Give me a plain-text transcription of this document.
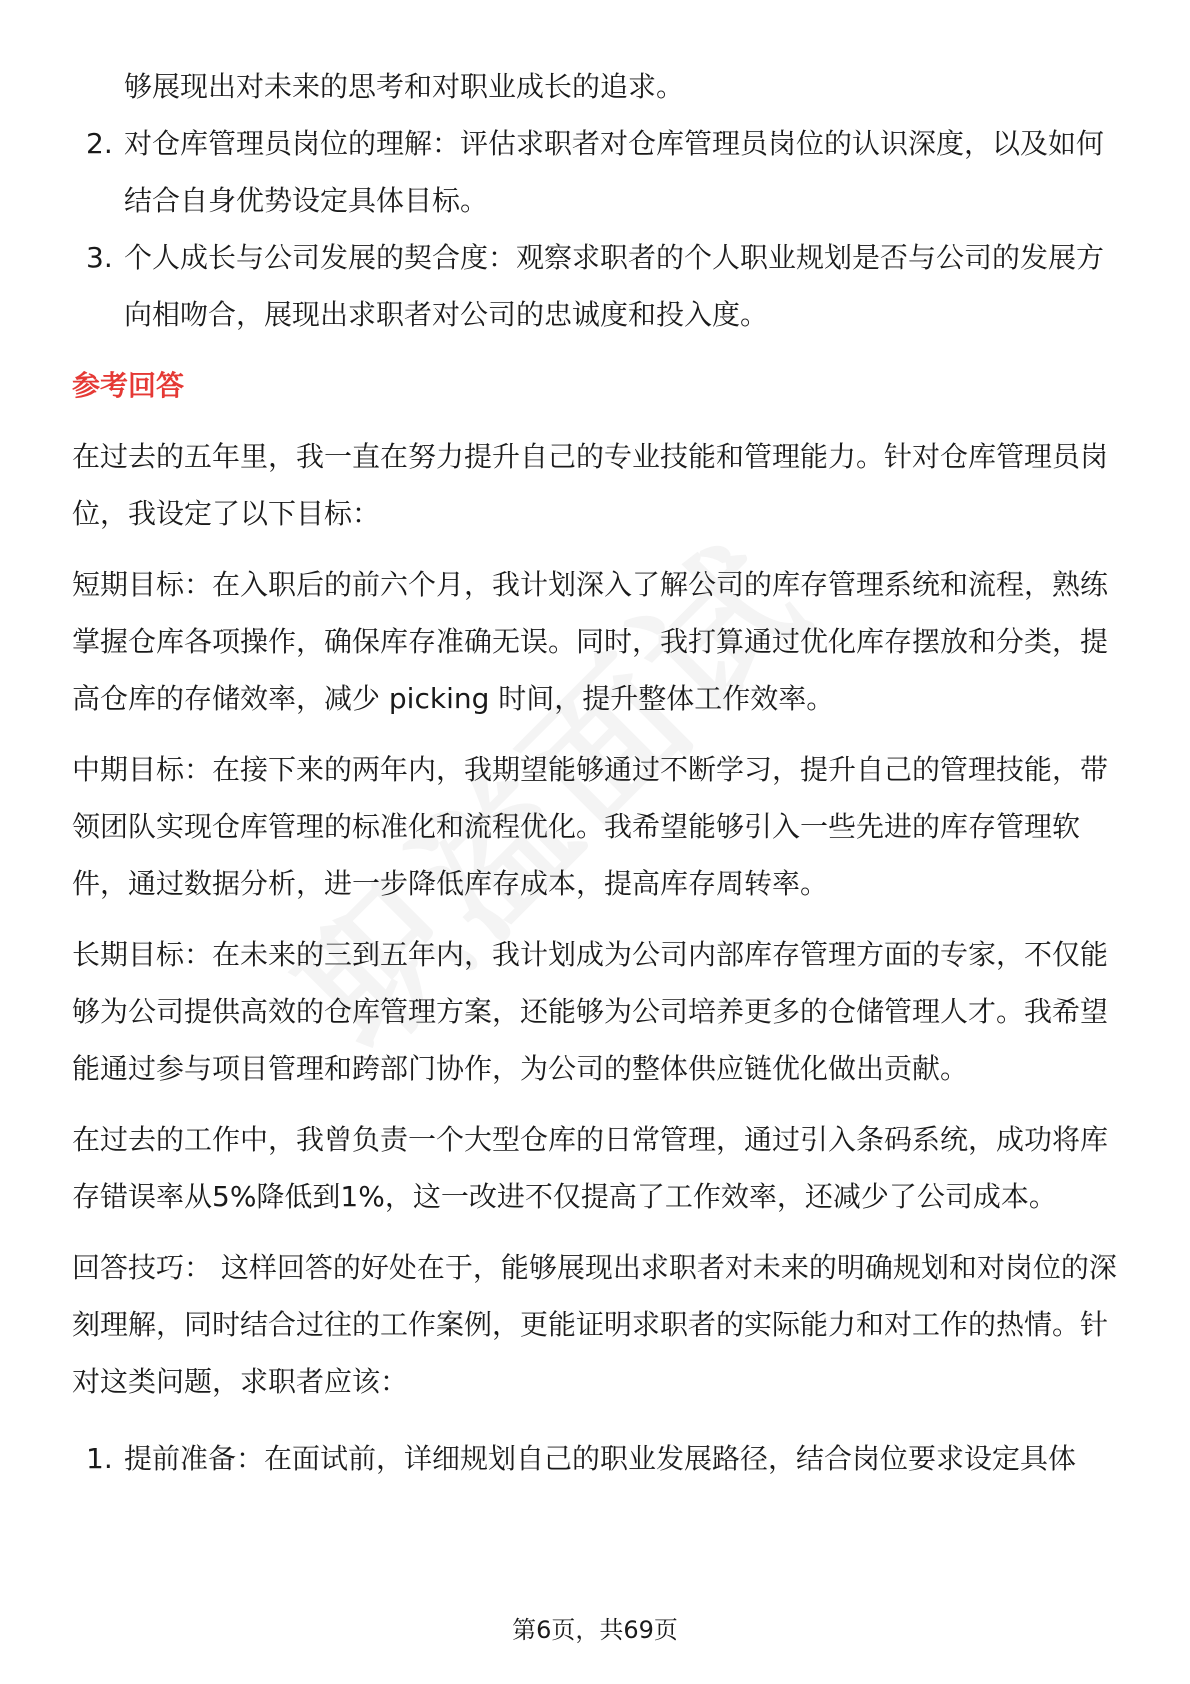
够展现出对未来的思考和对职业成长的追求。
2. 对仓库管理员岗位的理解：评估求职者对仓库管理员岗位的认识深度，以及如何结合自身优势设定具体目标。
3. 个人成长与公司发展的契合度：观察求职者的个人职业规划是否与公司的发展方向相吻合，展现出求职者对公司的忠诚度和投入度。
参考回答

在过去的五年里，我一直在努力提升自己的专业技能和管理能力。针对仓库管理员岗位，我设定了以下目标：

短期目标：在入职后的前六个月，我计划深入了解公司的库存管理系统和流程，熟练掌握仓库各项操作，确保库存准确无误。同时，我打算通过优化库存摆放和分类，提高仓库的存储效率，减少 picking 时间，提升整体工作效率。

中期目标：在接下来的两年内，我期望能够通过不断学习，提升自己的管理技能，带领团队实现仓库管理的标准化和流程优化。我希望能够引入一些先进的库存管理软件，通过数据分析，进一步降低库存成本，提高库存周转率。

长期目标：在未来的三到五年内，我计划成为公司内部库存管理方面的专家，不仅能够为公司提供高效的仓库管理方案，还能够为公司培养更多的仓储管理人才。我希望能通过参与项目管理和跨部门协作，为公司的整体供应链优化做出贡献。

在过去的工作中，我曾负责一个大型仓库的日常管理，通过引入条码系统，成功将库存错误率从5%降低到1%，这一改进不仅提高了工作效率，还减少了公司成本。

回答技巧： 这样回答的好处在于，能够展现出求职者对未来的明确规划和对岗位的深刻理解，同时结合过往的工作案例，更能证明求职者的实际能力和对工作的热情。针对这类问题，求职者应该：

1. 提前准备：在面试前，详细规划自己的职业发展路径，结合岗位要求设定具体
第6页，共69页
